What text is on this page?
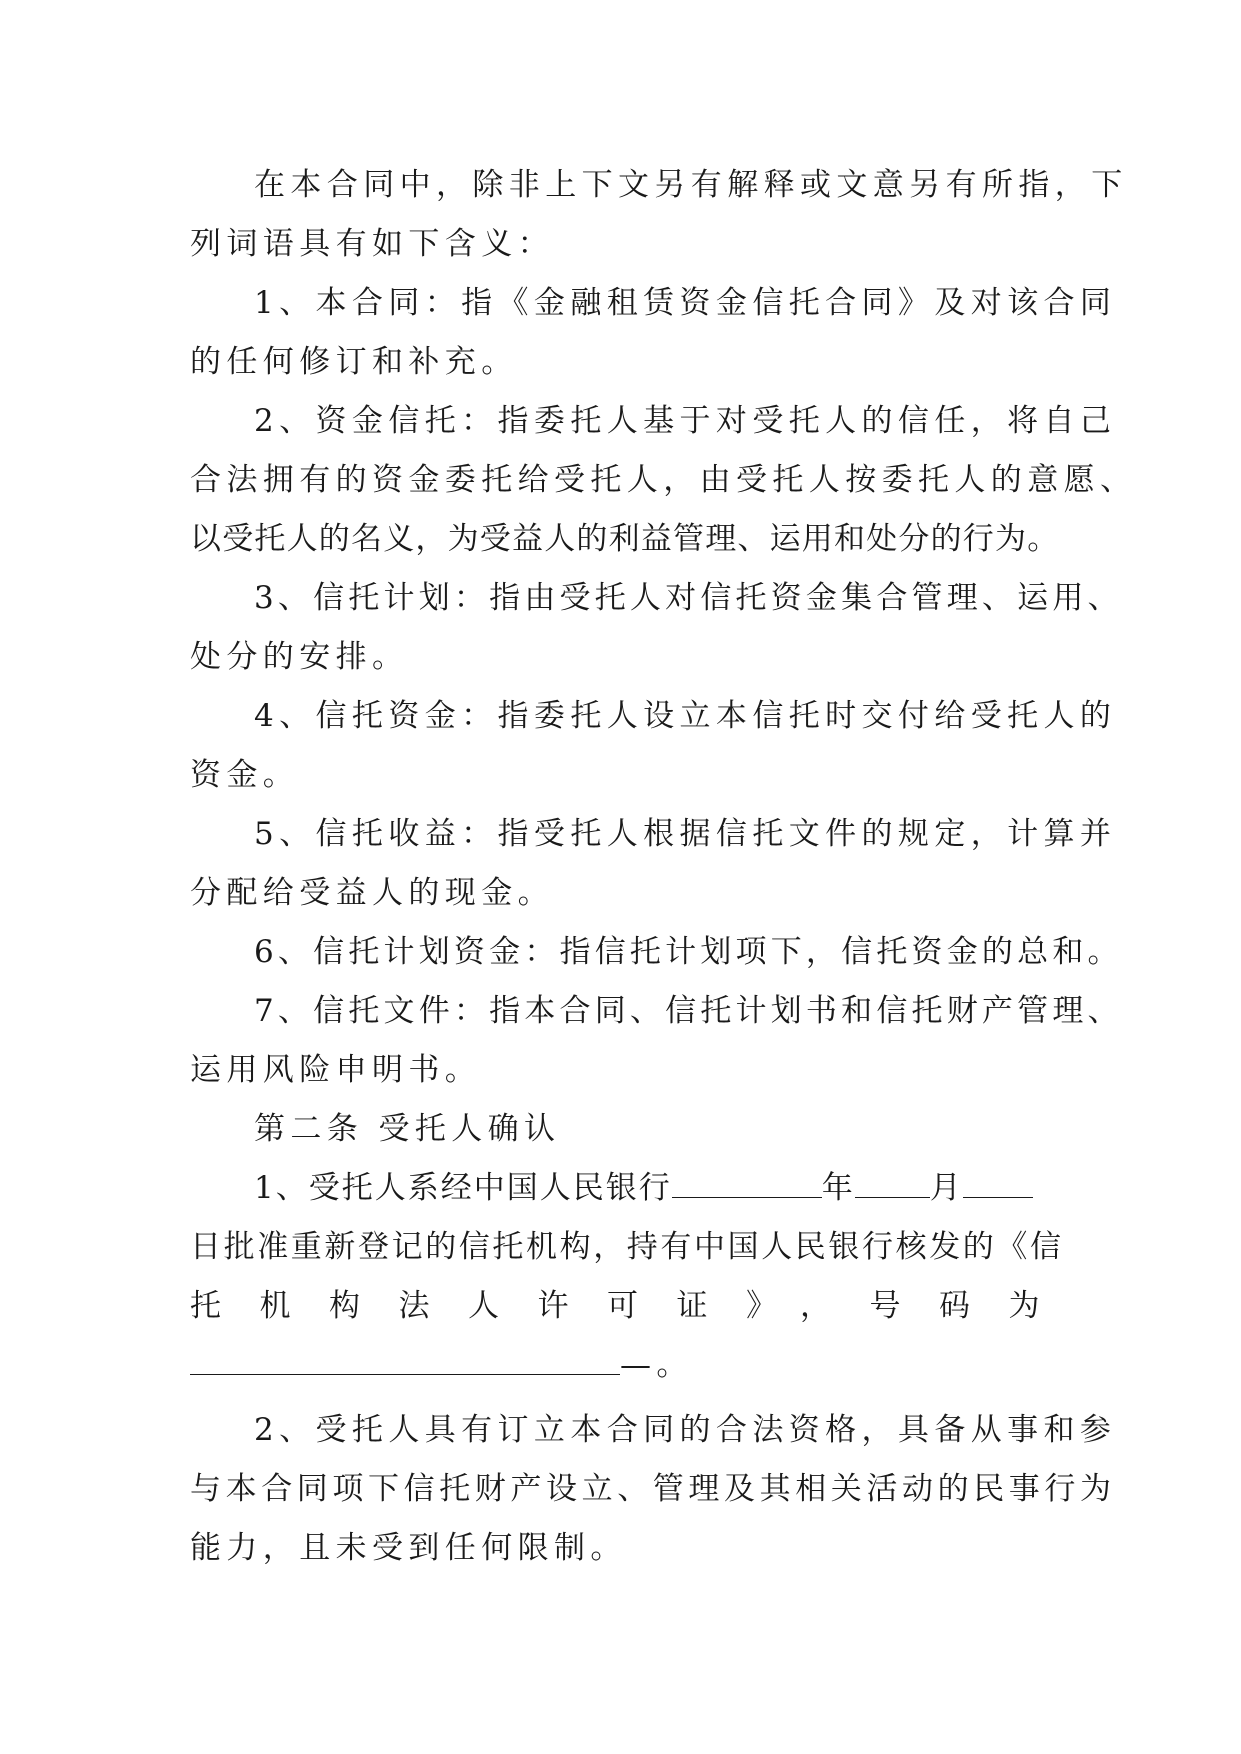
在本合同中，除非上下文另有解释或文意另有所指，下
列词语具有如下含义：
1、本合同：指《金融租赁资金信托合同》及对该合同
的任何修订和补充。
2、资金信托：指委托人基于对受托人的信任，将自己
合法拥有的资金委托给受托人，由受托人按委托人的意愿、
以受托人的名义，为受益人的利益管理、运用和处分的行为。
3、信托计划：指由受托人对信托资金集合管理、运用、
处分的安排。
4、信托资金：指委托人设立本信托时交付给受托人的
资金。
5、信托收益：指受托人根据信托文件的规定，计算并
分配给受益人的现金。
6、信托计划资金：指信托计划项下，信托资金的总和。
7、信托文件：指本合同、信托计划书和信托财产管理、
运用风险申明书。
第二条 受托人确认
1、受托人系经中国人民银行	年 月
日批准重新登记的信托机构，持有中国人民银行核发的《信
托机构法人许可证》，号码为
—。
2、受托人具有订立本合同的合法资格，具备从事和参
与本合同项下信托财产设立、管理及其相关活动的民事行为
能力，且未受到任何限制。
